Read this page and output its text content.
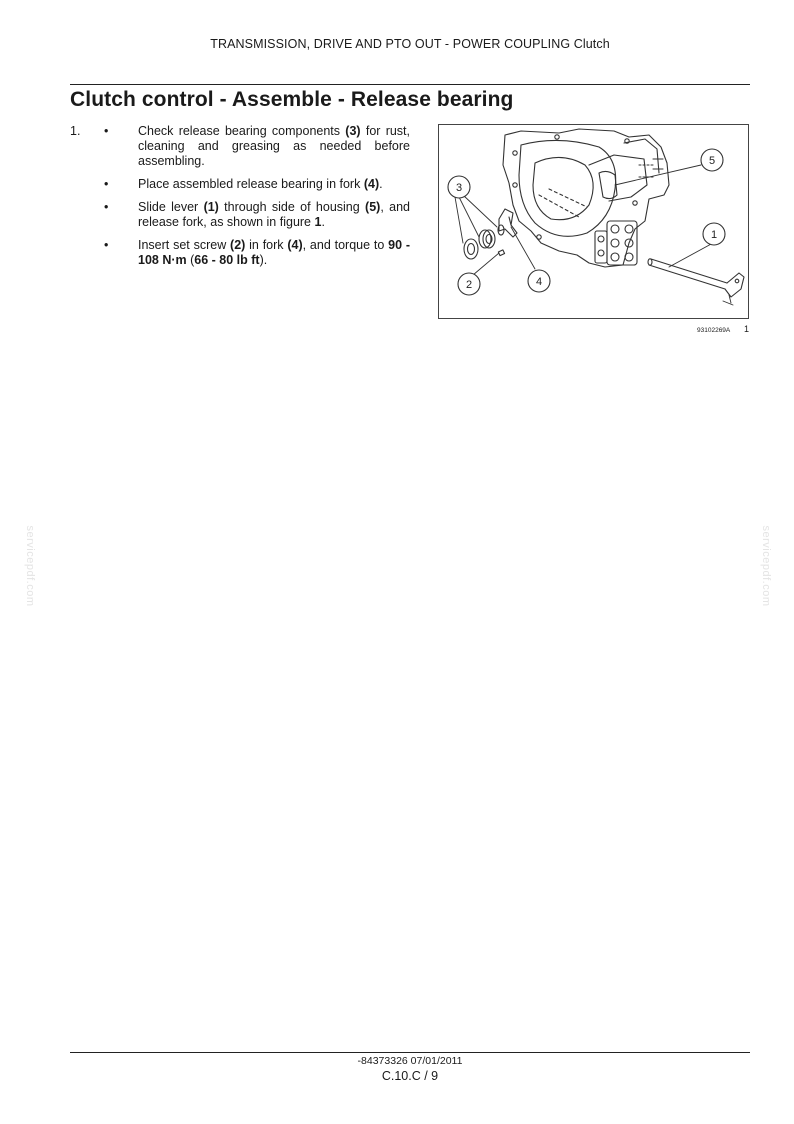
TRANSMISSION, DRIVE AND PTO OUT - POWER COUPLING Clutch
Clutch control - Assemble - Release bearing
1. • Check release bearing components (3) for rust, cleaning and greasing as needed before assembling.
• Place assembled release bearing in fork (4).
• Slide lever (1) through side of housing (5), and release fork, as shown in figure 1.
• Insert set screw (2) in fork (4), and torque to 90 - 108 N·m (66 - 80 lb ft).
1
2
3
4
5
93102269A 1
servicepdf.com	servicepdf.com
-84373326 07/01/2011
C.10.C / 9
